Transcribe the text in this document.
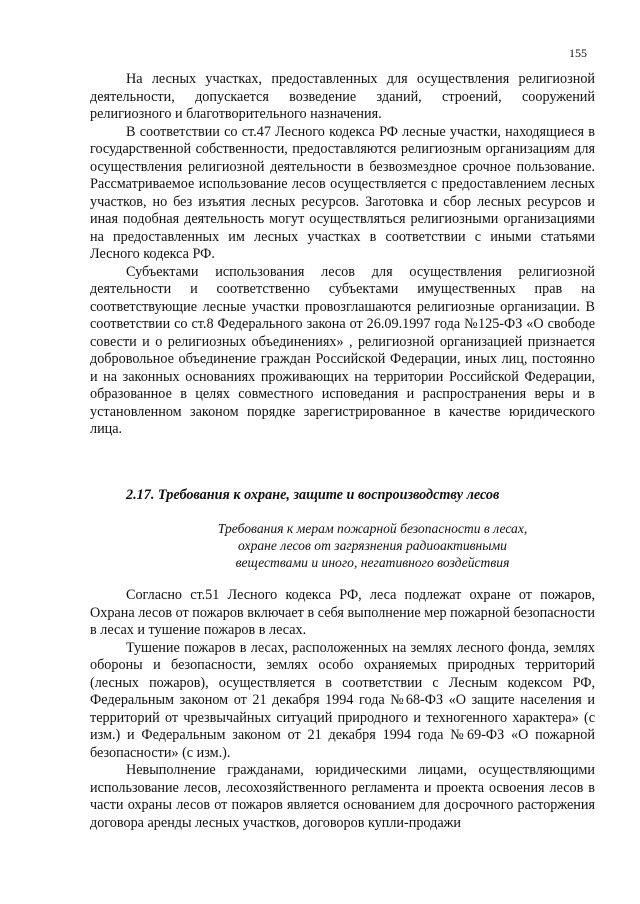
155

На лесных участках, предоставленных для осуществления религиозной деятельности, допускается возведение зданий, строений, сооружений религиозного и благотворительного назначения.

В соответствии со ст.47 Лесного кодекса РФ лесные участки, находящиеся в государственной собственности, предоставляются религиозным организациям для осуществления религиозной деятельности в безвозмездное срочное пользование. Рассматриваемое использование лесов осуществляется с предоставлением лесных участков, но без изъятия лесных ресурсов. Заготовка и сбор лесных ресурсов и иная подобная деятельность могут осуществляться религиозными организациями на предоставленных им лесных участках в соответствии с иными статьями Лесного кодекса РФ.

Субъектами использования лесов для осуществления религиозной деятельности и соответственно субъектами имущественных прав на соответствующие лесные участки провозглашаются религиозные организации. В соответствии со ст.8 Федерального закона от 26.09.1997 года №125-ФЗ «О свободе совести и о религиозных объединениях» , религиозной организацией признается добровольное объединение граждан Российской Федерации, иных лиц, постоянно и на законных основаниях проживающих на территории Российской Федерации, образованное в целях совместного исповедания и распространения веры и в установленном законом порядке зарегистрированное в качестве юридического лица.

2.17. Требования к охране, защите и воспроизводству лесов

Требования к мерам пожарной безопасности в лесах,
охране лесов от загрязнения радиоактивными
веществами и иного, негативного воздействия

Согласно ст.51 Лесного кодекса РФ, леса подлежат охране от пожаров, Охрана лесов от пожаров включает в себя выполнение мер пожарной безопасности в лесах и тушение пожаров в лесах.

Тушение пожаров в лесах, расположенных на землях лесного фонда, землях обороны и безопасности, землях особо охраняемых природных территорий (лесных пожаров), осуществляется в соответствии с Лесным кодексом РФ, Федеральным законом от 21 декабря 1994 года №68-ФЗ «О защите населения и территорий от чрезвычайных ситуаций природного и техногенного характера» (с изм.) и Федеральным законом от 21 декабря 1994 года №69-ФЗ «О пожарной безопасности» (с изм.).

Невыполнение гражданами, юридическими лицами, осуществляющими использование лесов, лесохозяйственного регламента и проекта освоения лесов в части охраны лесов от пожаров является основанием для досрочного расторжения договора аренды лесных участков, договоров купли-продажи
